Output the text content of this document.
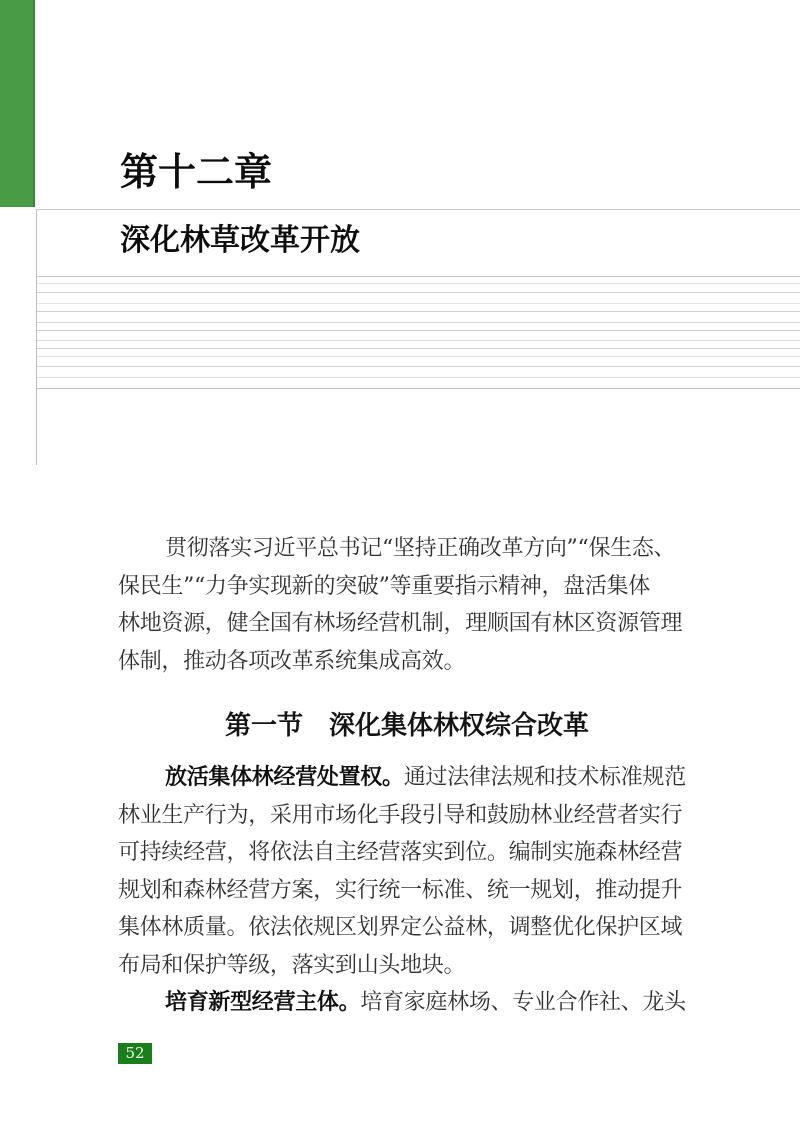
第十二章
深化林草改革开放
贯彻落实习近平总书记“坚持正确改革方向”“保生态、
保民生”“力争实现新的突破”等重要指示精神，盘活集体
林地资源，健全国有林场经营机制，理顺国有林区资源管理
体制，推动各项改革系统集成高效。
第一节　深化集体林权综合改革
放活集体林经营处置权。通过法律法规和技术标准规范
林业生产行为，采用市场化手段引导和鼓励林业经营者实行
可持续经营，将依法自主经营落实到位。编制实施森林经营
规划和森林经营方案，实行统一标准、统一规划，推动提升
集体林质量。依法依规区划界定公益林，调整优化保护区域
布局和保护等级，落实到山头地块。
培育新型经营主体。培育家庭林场、专业合作社、龙头
52
